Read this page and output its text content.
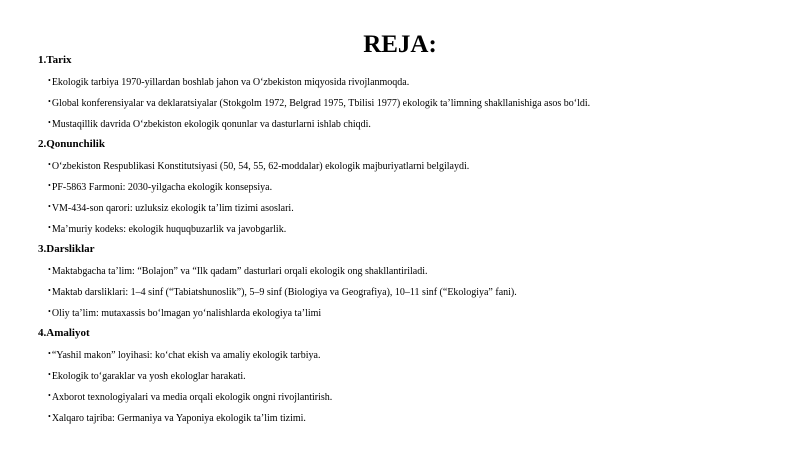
REJA:
1.Tarix
•Ekologik tarbiya 1970-yillardan boshlab jahon va O‘zbekiston miqyosida rivojlanmoqda.
•Global konferensiyalar va deklaratsiyalar (Stokgolm 1972, Belgrad 1975, Tbilisi 1977) ekologik ta’limning shakllanishiga asos bo‘ldi.
•Mustaqillik davrida O‘zbekiston ekologik qonunlar va dasturlarni ishlab chiqdi.
2.Qonunchilik
•O‘zbekiston Respublikasi Konstitutsiyasi (50, 54, 55, 62-moddalar) ekologik majburiyatlarni belgilaydi.
•PF-5863 Farmoni: 2030-yilgacha ekologik konsepsiya.
•VM-434-son qarori: uzluksiz ekologik ta’lim tizimi asoslari.
•Ma’muriy kodeks: ekologik huquqbuzarlik va javobgarlik.
3.Darsliklar
•Maktabgacha ta’lim: “Bolajon” va “Ilk qadam” dasturlari orqali ekologik ong shakllantiriladi.
•Maktab darsliklari: 1–4 sinf (“Tabiatshunoslik”), 5–9 sinf (Biologiya va Geografiya), 10–11 sinf (“Ekologiya” fani).
•Oliy ta’lim: mutaxassis bo‘lmagan yo‘nalishlarda ekologiya ta’limi
4.Amaliyot
•“Yashil makon” loyihasi: ko‘chat ekish va amaliy ekologik tarbiya.
•Ekologik to‘garaklar va yosh ekologlar harakati.
•Axborot texnologiyalari va media orqali ekologik ongni rivojlantirish.
•Xalqaro tajriba: Germaniya va Yaponiya ekologik ta’lim tizimi.
